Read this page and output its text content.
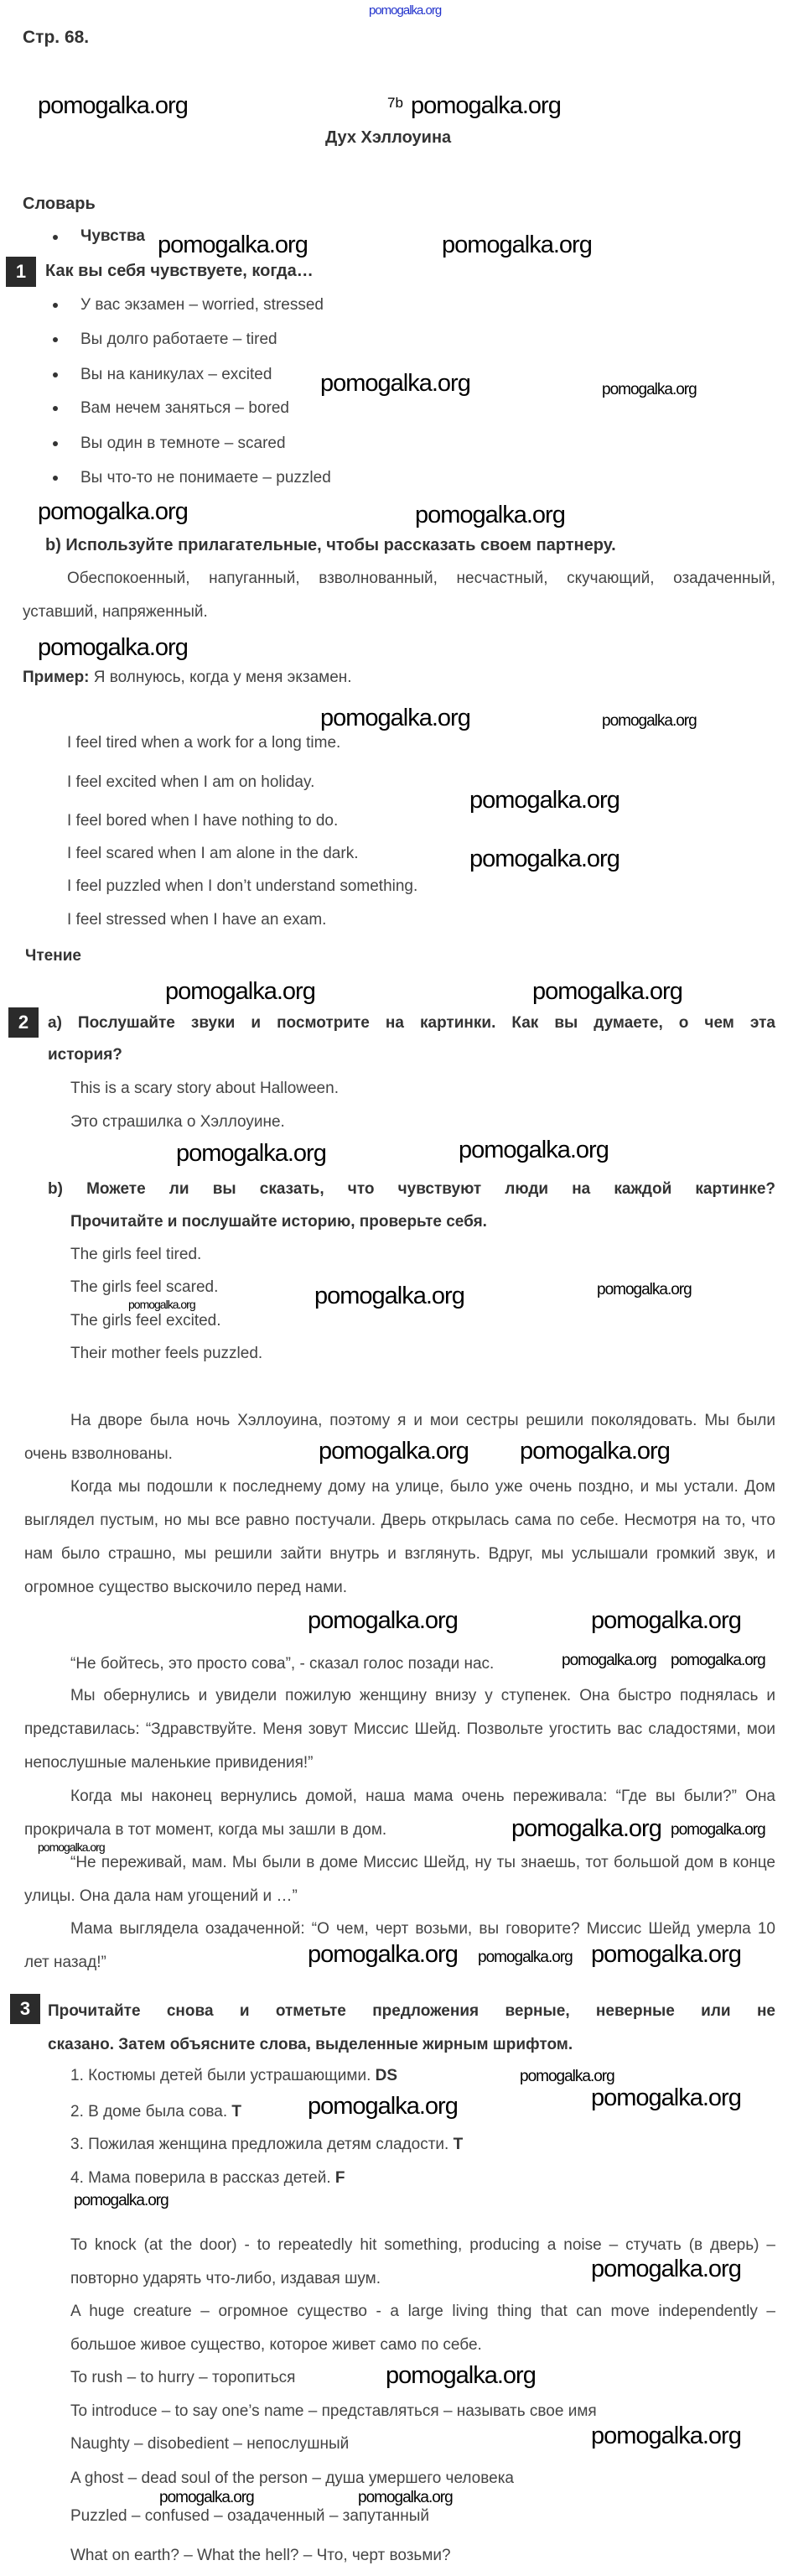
pomogalka.org
Стр. 68.
7b
Дух Хэллоуина
Словарь
Чувства
1	Как вы себя чувствуете, когда…
У вас экзамен – worried, stressed
Вы долго работаете – tired
Вы на каникулах – excited
Вам нечем заняться – bored
Вы один в темноте – scared
Вы что-то не понимаете – puzzled
b) Используйте прилагательные, чтобы рассказать своем партнеру.
Обеспокоенный, напуганный, взволнованный, несчастный, скучающий, озадаченный, уставший, напряженный.
Пример: Я волнуюсь, когда у меня экзамен.
I feel tired when a work for a long time.
I feel excited when I am on holiday.
I feel bored when I have nothing to do.
I feel scared when I am alone in the dark.
I feel puzzled when I don’t understand something.
I feel stressed when I have an exam.
Чтение
2	a) Послушайте звуки и посмотрите на картинки. Как вы думаете, о чем эта
история?
This is a scary story about Halloween.
Это страшилка о Хэллоуине.
b) Можете ли вы сказать, что чувствуют люди на каждой картинке?
Прочитайте и послушайте историю, проверьте себя.
The girls feel tired.
The girls feel scared.
The girls feel excited.
Their mother feels puzzled.
На дворе была ночь Хэллоуина, поэтому я и мои сестры решили поколядовать. Мы были очень взволнованы.
Когда мы подошли к последнему дому на улице, было уже очень поздно, и мы устали. Дом выглядел пустым, но мы все равно постучали. Дверь открылась сама по себе. Несмотря на то, что нам было страшно, мы решили зайти внутрь и взглянуть. Вдруг, мы услышали громкий звук, и огромное существо выскочило перед нами.
“Не бойтесь, это просто сова”, - сказал голос позади нас.
Мы обернулись и увидели пожилую женщину внизу у ступенек. Она быстро поднялась и представилась: “Здравствуйте. Меня зовут Миссис Шейд. Позвольте угостить вас сладостями, мои непослушные маленькие привидения!”
Когда мы наконец вернулись домой, наша мама очень переживала: “Где вы были?” Она прокричала в тот момент, когда мы зашли в дом.
“Не переживай, мам. Мы были в доме Миссис Шейд, ну ты знаешь, тот большой дом в конце улицы. Она дала нам угощений и …”
Мама выглядела озадаченной: “О чем, черт возьми, вы говорите? Миссис Шейд умерла 10 лет назад!”
3	Прочитайте снова и отметьте предложения верные, неверные или не
сказано. Затем объясните слова, выделенные жирным шрифтом.
1. Костюмы детей были устрашающими. DS
2. В доме была сова. T
3. Пожилая женщина предложила детям сладости. T
4. Мама поверила в рассказ детей. F
To knock (at the door) - to repeatedly hit something, producing a noise – стучать (в дверь) – повторно ударять что-либо, издавая шум.
A huge creature – огромное существо - a large living thing that can move independently – большое живое существо, которое живет само по себе.
To rush – to hurry – торопиться
To introduce – to say one’s name – представляться – называть свое имя
Naughty – disobedient – непослушный
A ghost – dead soul of the person – душа умершего человека
Puzzled – confused – озадаченный – запутанный
What on earth? – What the hell? – Что, черт возьми?
pomogalka.org	pomogalka.org
pomogalka.org	pomogalka.org
pomogalka.org	pomogalka.org
pomogalka.org	pomogalka.org
pomogalka.org
pomogalka.org	pomogalka.org
pomogalka.org
pomogalka.org
pomogalka.org	pomogalka.org
pomogalka.org	pomogalka.org
pomogalka.org	pomogalka.org	pomogalka.org
pomogalka.org pomogalka.org
pomogalka.org
pomogalka.org	pomogalka.org
pomogalka.org
pomogalka.org
pomogalka.org
pomogalka.org
pomogalka.org
pomogalka.org	pomogalka.org
pomogalka.org
pomogalka.org	pomogalka.org
pomogalka.org
pomogalka.org
pomogalka.org
pomogalka.org
pomogalka.org	pomogalka.org
